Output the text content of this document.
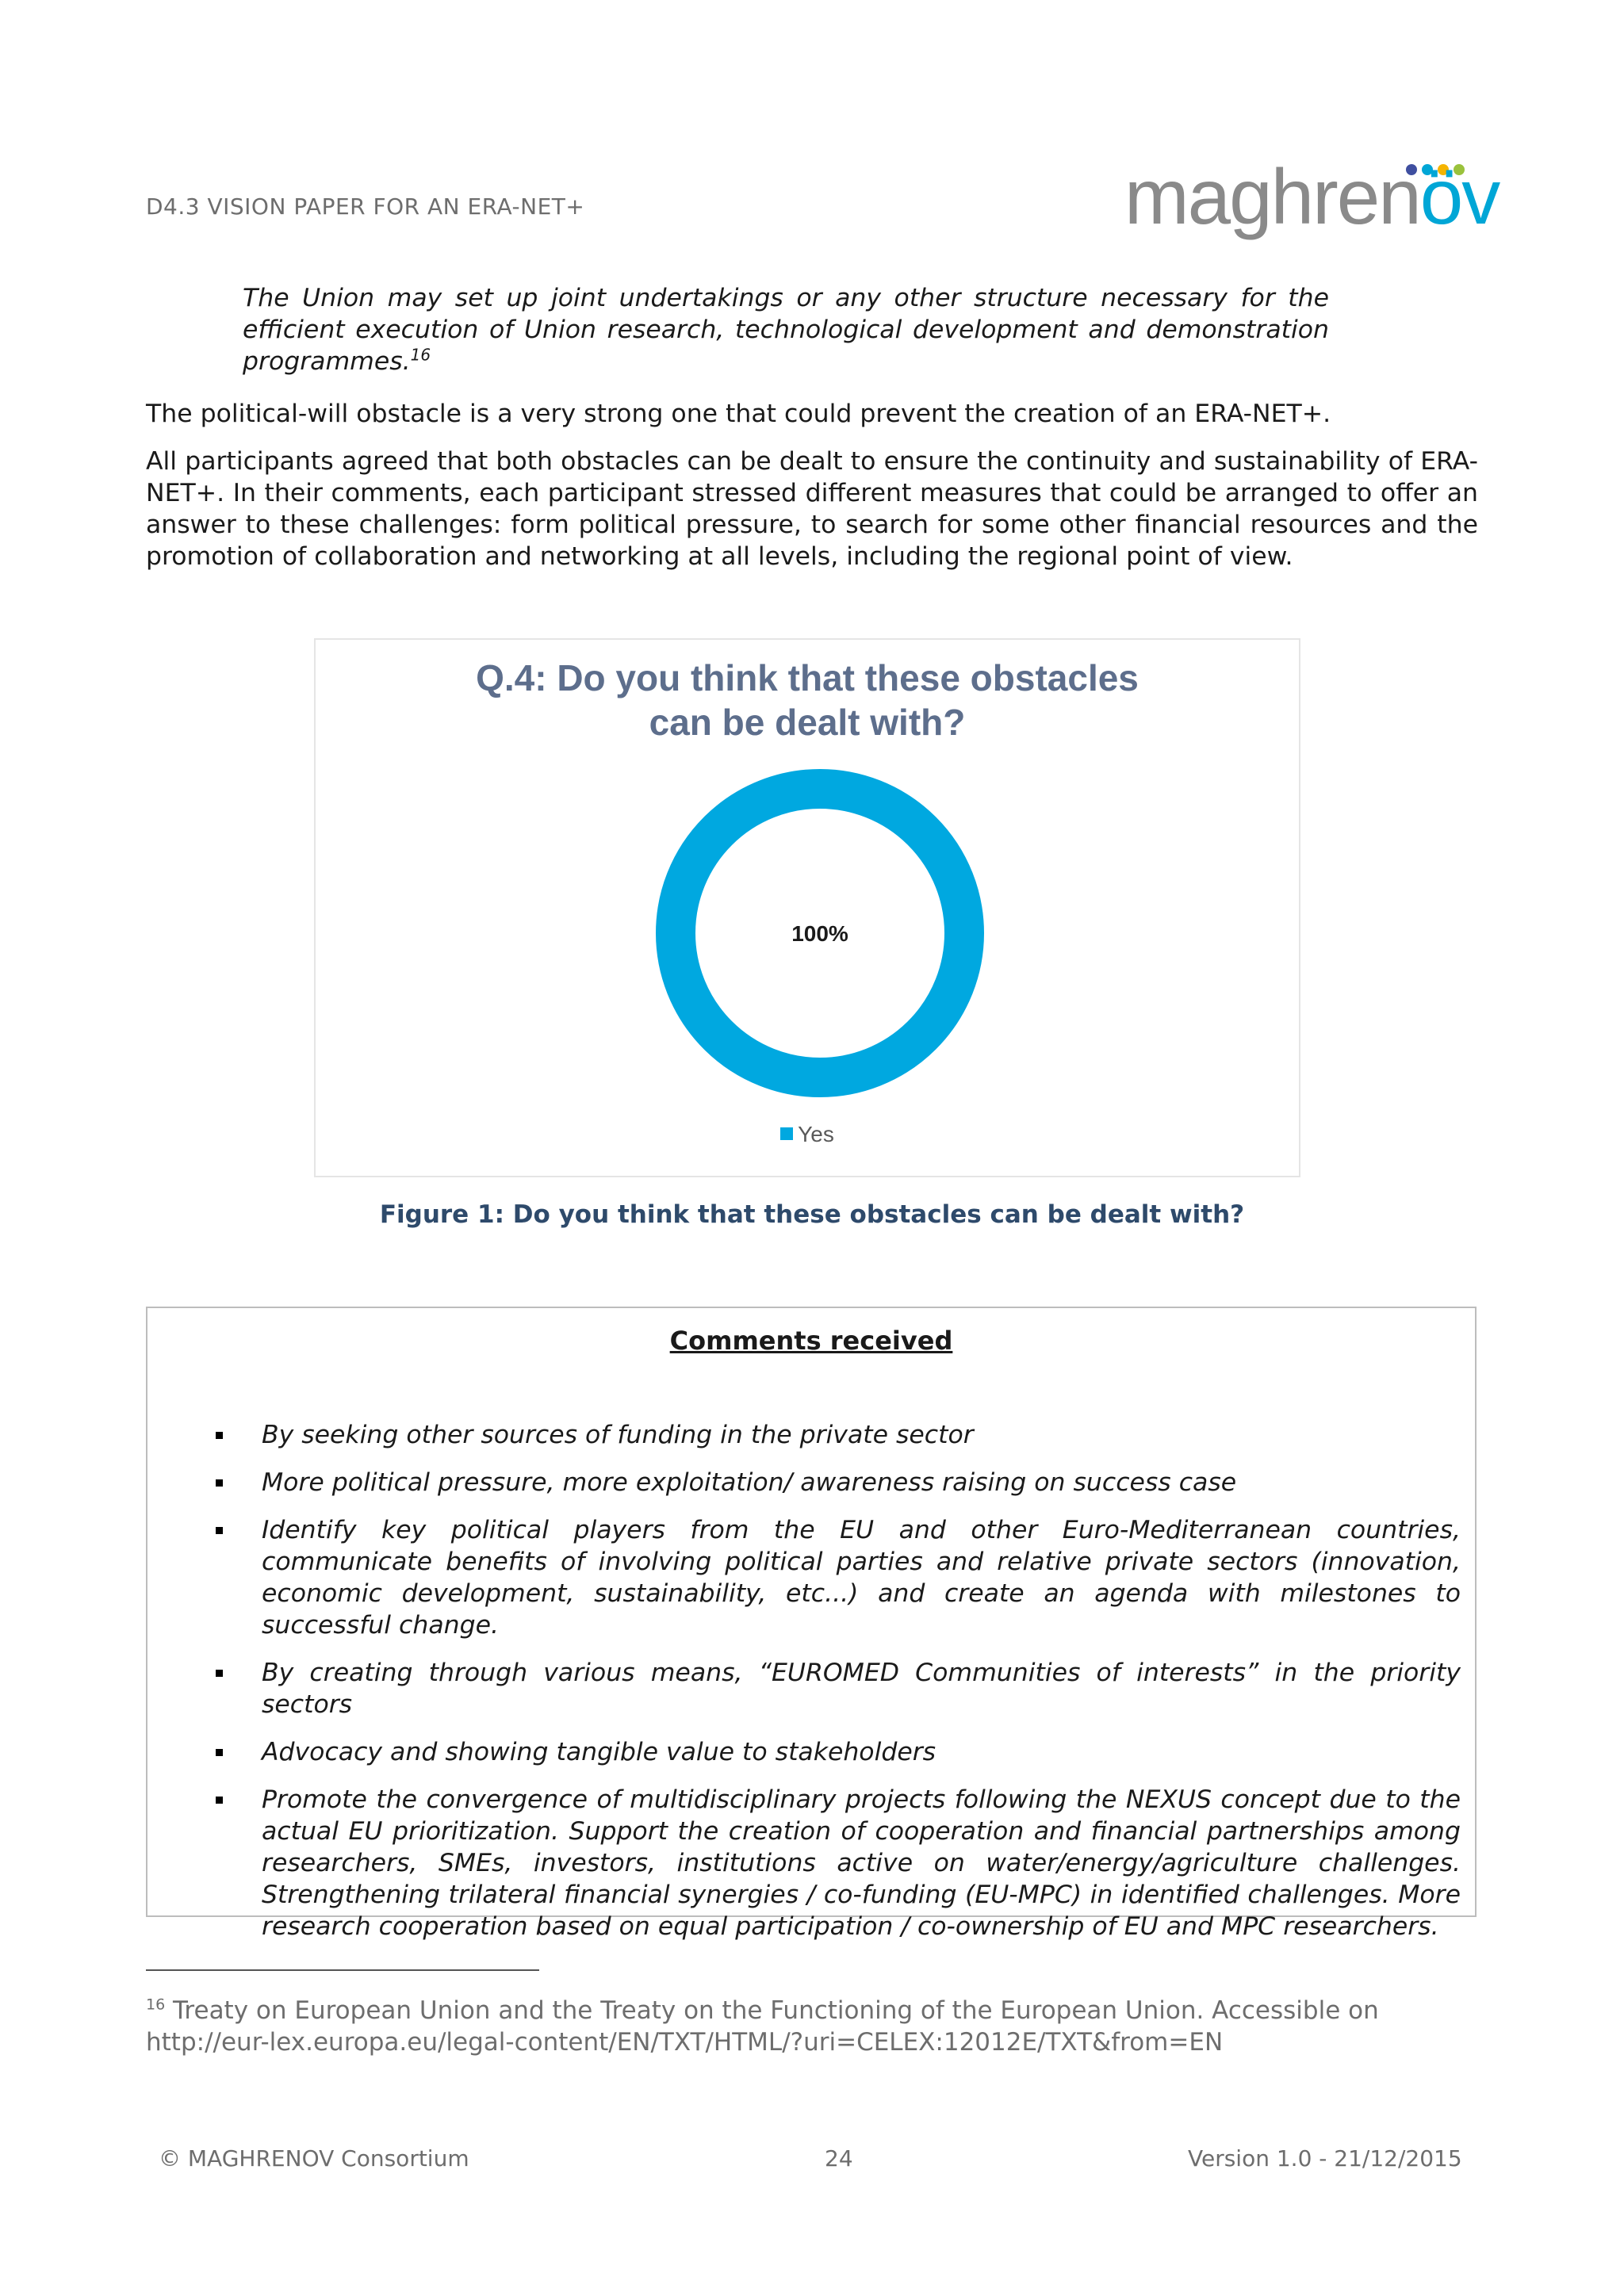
D4.3 VISION PAPER FOR AN ERA-NET+	maghrenöv
The Union may set up joint undertakings or any other structure necessary for the efficient execution of Union research, technological development and demonstration programmes.$^{16}$
The political-will obstacle is a very strong one that could prevent the creation of an ERA-NET+.
All participants agreed that both obstacles can be dealt to ensure the continuity and sustainability of ERA-NET+. In their comments, each participant stressed different measures that could be arranged to offer an answer to these challenges: form political pressure, to search for some other financial resources and the promotion of collaboration and networking at all levels, including the regional point of view.
Q.4: Do you think that these obstacles
can be dealt with?
100%
Yes
Figure 1: Do you think that these obstacles can be dealt with?
Comments received
By seeking other sources of funding in the private sector
More political pressure, more exploitation/ awareness raising on success case
Identify key political players from the EU and other Euro-Mediterranean countries, communicate benefits of involving political parties and relative private sectors (innovation, economic development, sustainability, etc...) and create an agenda with milestones to successful change.
By creating through various means, “EUROMED Communities of interests” in the priority sectors
Advocacy and showing tangible value to stakeholders
Promote the convergence of multidisciplinary projects following the NEXUS concept due to the actual EU prioritization. Support the creation of cooperation and financial partnerships among researchers, SMEs, investors, institutions active on water/energy/agriculture challenges. Strengthening trilateral financial synergies / co-funding (EU-MPC) in identified challenges. More research cooperation based on equal participation / co-ownership of EU and MPC researchers.
$^{16}$ Treaty on European Union and the Treaty on the Functioning of the European Union. Accessible on
http://eur-lex.europa.eu/legal-content/EN/TXT/HTML/?uri=CELEX:12012E/TXT&from=EN
© MAGHRENOV Consortium	24	Version 1.0 - 21/12/2015
